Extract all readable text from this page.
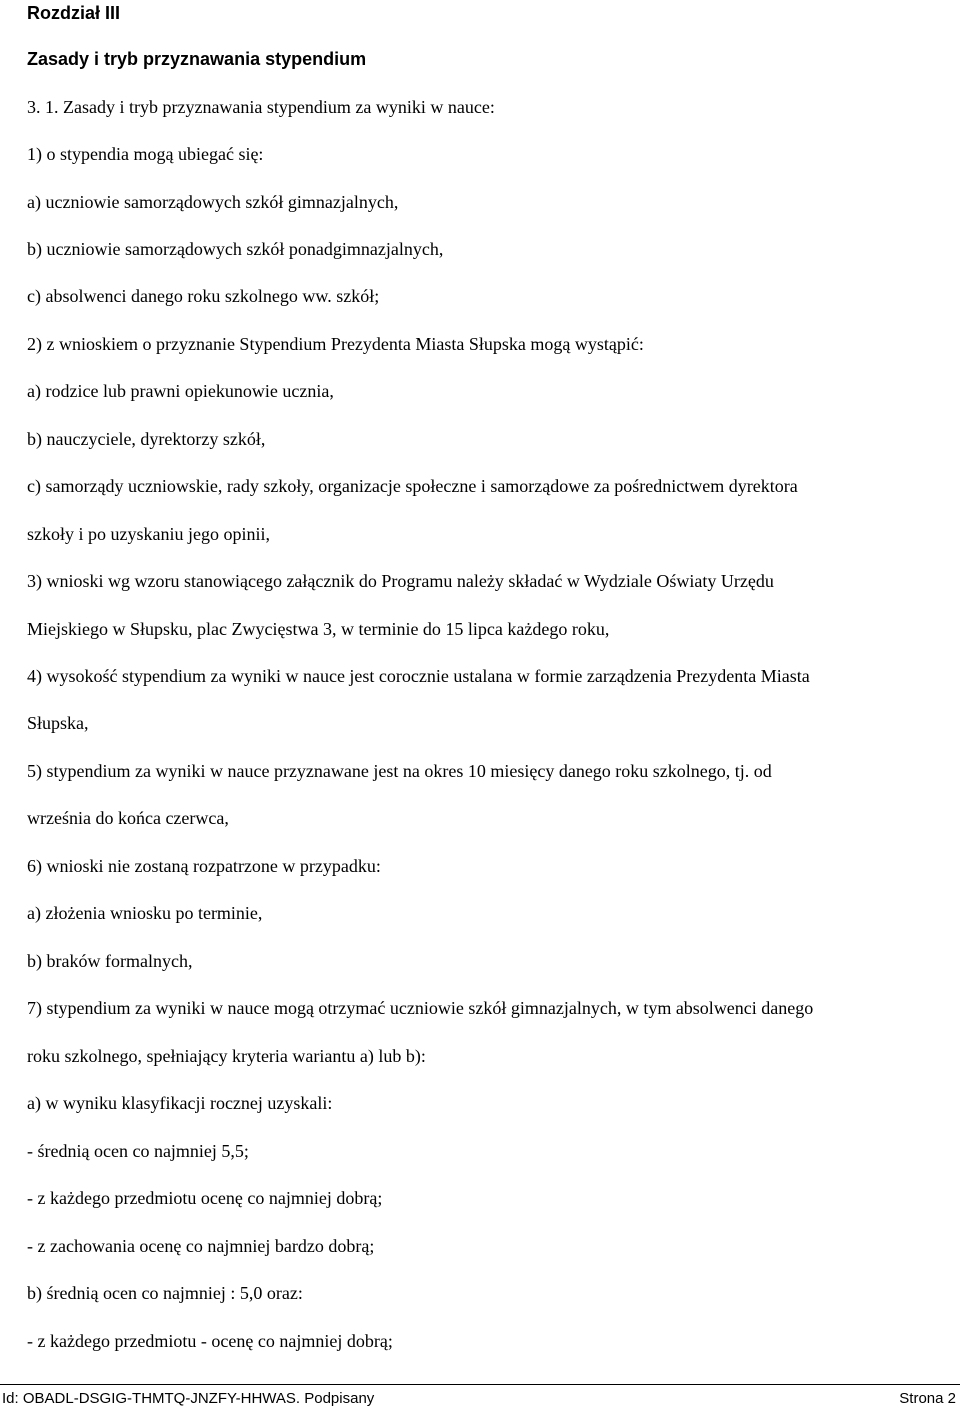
Rozdział III
Zasady i tryb przyznawania stypendium
3. 1. Zasady i tryb przyznawania stypendium za wyniki w nauce:
1) o stypendia mogą ubiegać się:
a) uczniowie samorządowych szkół gimnazjalnych,
b) uczniowie samorządowych szkół ponadgimnazjalnych,
c) absolwenci danego roku szkolnego ww. szkół;
2) z wnioskiem o przyznanie Stypendium Prezydenta Miasta Słupska mogą wystąpić:
a) rodzice lub prawni opiekunowie ucznia,
b) nauczyciele, dyrektorzy szkół,
c) samorządy uczniowskie, rady szkoły, organizacje społeczne i samorządowe za pośrednictwem dyrektora
szkoły i po uzyskaniu jego opinii,
3) wnioski wg wzoru stanowiącego załącznik do Programu należy składać w Wydziale Oświaty Urzędu
Miejskiego w Słupsku, plac Zwycięstwa 3, w terminie do 15 lipca każdego roku,
4) wysokość stypendium za wyniki w nauce jest corocznie ustalana w formie zarządzenia Prezydenta Miasta
Słupska,
5) stypendium za wyniki w nauce przyznawane jest na okres 10 miesięcy danego roku szkolnego, tj. od
września do końca czerwca,
6) wnioski nie zostaną rozpatrzone w przypadku:
a) złożenia wniosku po terminie,
b) braków formalnych,
7) stypendium za wyniki w nauce mogą otrzymać uczniowie szkół gimnazjalnych, w tym absolwenci danego
roku szkolnego, spełniający kryteria wariantu a) lub b):
a) w wyniku klasyfikacji rocznej uzyskali:
- średnią ocen co najmniej 5,5;
- z każdego przedmiotu ocenę co najmniej dobrą;
- z zachowania ocenę co najmniej bardzo dobrą;
b) średnią ocen co najmniej : 5,0 oraz:
- z każdego przedmiotu - ocenę co najmniej dobrą;
Id: OBADL-DSGIG-THMTQ-JNZFY-HHWAS. Podpisany	Strona 2
